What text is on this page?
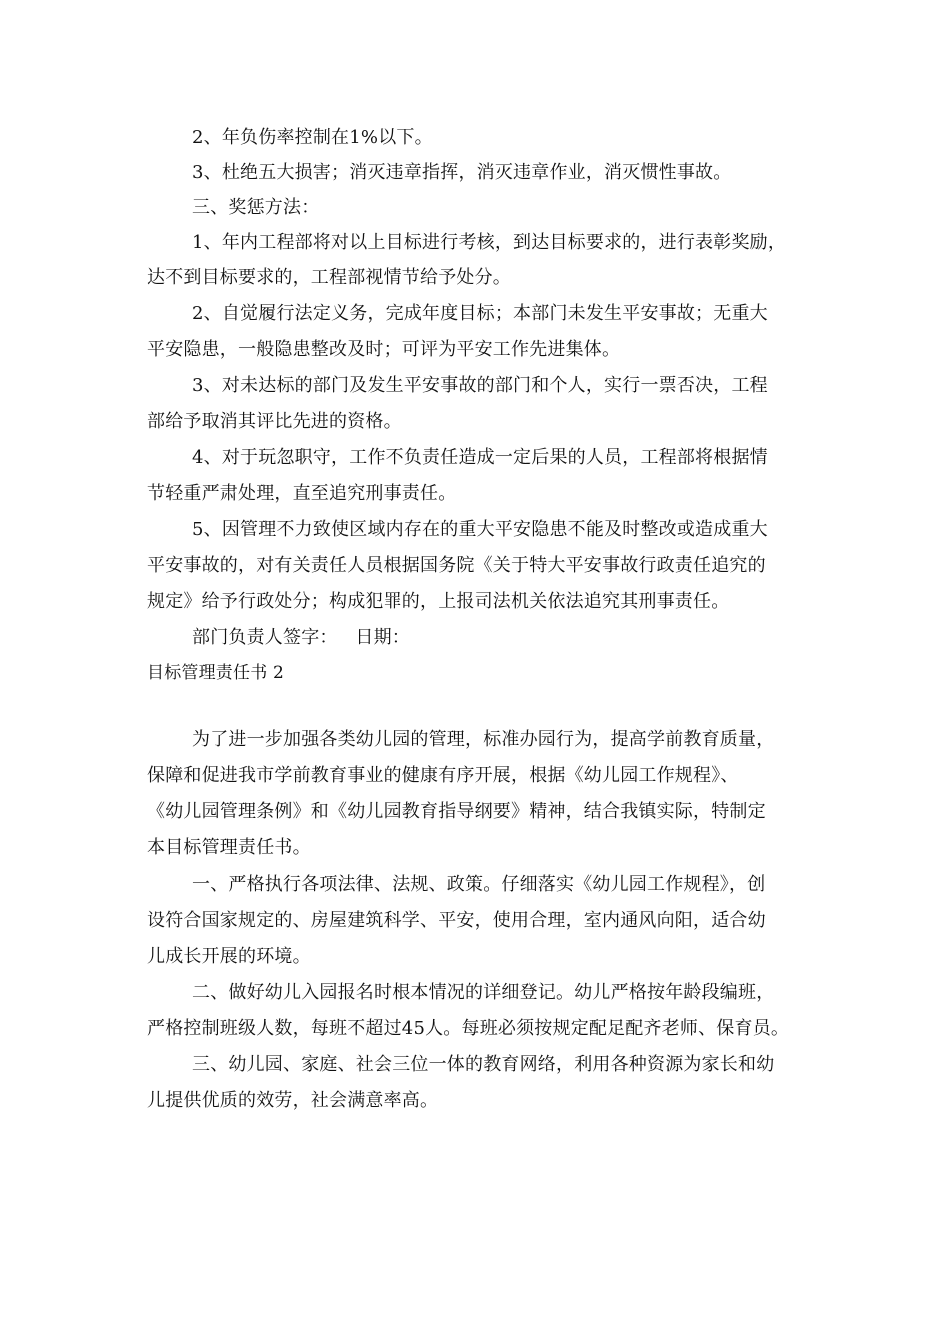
2、年负伤率控制在1%以下。
3、杜绝五大损害；消灭违章指挥，消灭违章作业，消灭惯性事故。
三、奖惩方法：
1、年内工程部将对以上目标进行考核，到达目标要求的，进行表彰奖励，
达不到目标要求的，工程部视情节给予处分。
2、自觉履行法定义务，完成年度目标；本部门未发生平安事故；无重大
平安隐患，一般隐患整改及时；可评为平安工作先进集体。
3、对未达标的部门及发生平安事故的部门和个人，实行一票否决，工程
部给予取消其评比先进的资格。
4、对于玩忽职守，工作不负责任造成一定后果的人员，工程部将根据情
节轻重严肃处理，直至追究刑事责任。
5、因管理不力致使区域内存在的重大平安隐患不能及时整改或造成重大
平安事故的，对有关责任人员根据国务院《关于特大平安事故行政责任追究的
规定》给予行政处分；构成犯罪的，上报司法机关依法追究其刑事责任。
部门负责人签字：   日期：
目标管理责任书 2
为了进一步加强各类幼儿园的管理，标准办园行为，提高学前教育质量，
保障和促进我市学前教育事业的健康有序开展，根据《幼儿园工作规程》、
《幼儿园管理条例》和《幼儿园教育指导纲要》精神，结合我镇实际，特制定
本目标管理责任书。
一、严格执行各项法律、法规、政策。仔细落实《幼儿园工作规程》，创
设符合国家规定的、房屋建筑科学、平安，使用合理，室内通风向阳，适合幼
儿成长开展的环境。
二、做好幼儿入园报名时根本情况的详细登记。幼儿严格按年龄段编班，
严格控制班级人数，每班不超过45人。每班必须按规定配足配齐老师、保育员。
三、幼儿园、家庭、社会三位一体的教育网络，利用各种资源为家长和幼
儿提供优质的效劳，社会满意率高。
